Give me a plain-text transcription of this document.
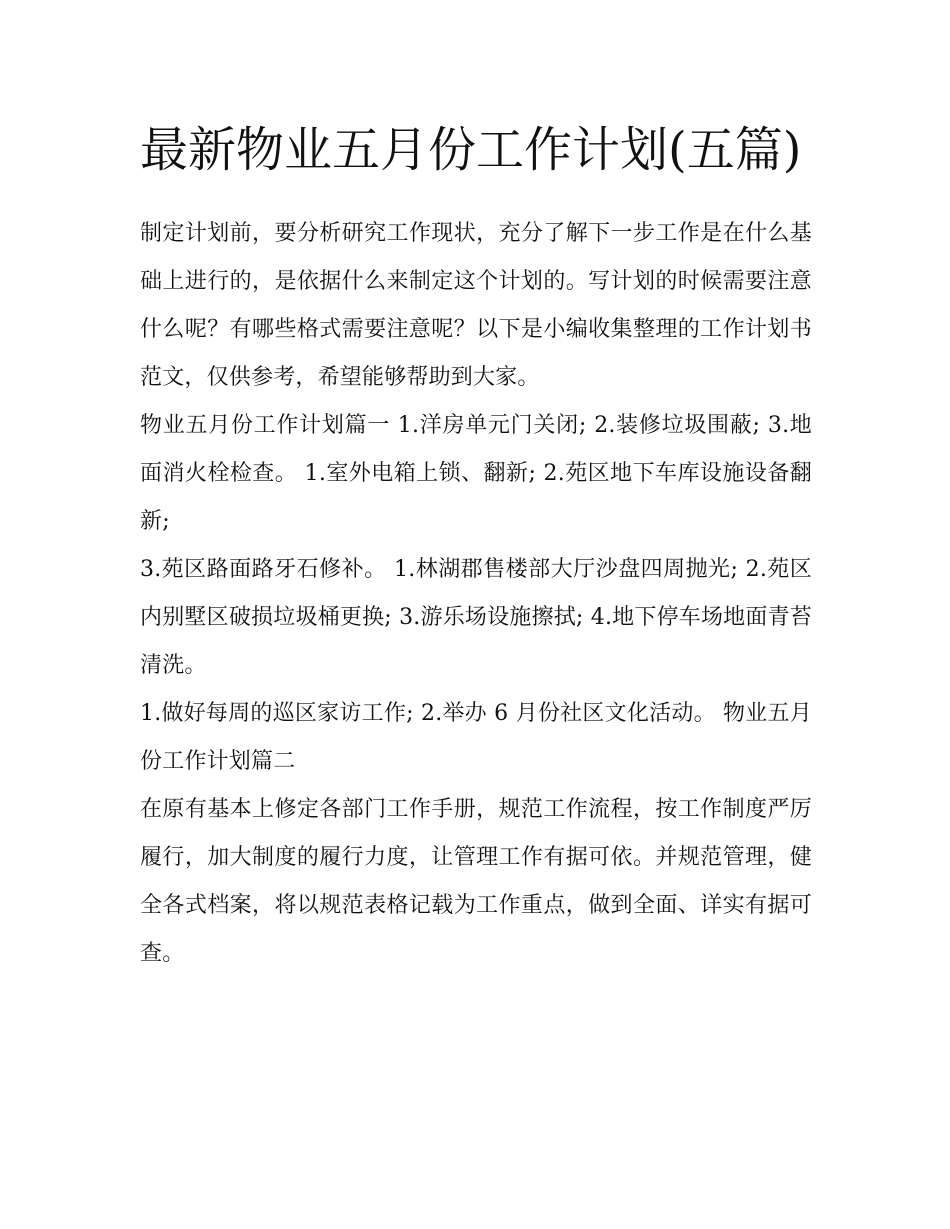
最新物业五月份工作计划(五篇)

制定计划前，要分析研究工作现状，充分了解下一步工作是在什么基础上进行的，是依据什么来制定这个计划的。写计划的时候需要注意什么呢？有哪些格式需要注意呢？以下是小编收集整理的工作计划书范文，仅供参考，希望能够帮助到大家。

物业五月份工作计划篇一 1.洋房单元门关闭; 2.装修垃圾围蔽; 3.地面消火栓检查。 1.室外电箱上锁、翻新; 2.苑区地下车库设施设备翻新;

3.苑区路面路牙石修补。 1.林湖郡售楼部大厅沙盘四周抛光; 2.苑区内别墅区破损垃圾桶更换; 3.游乐场设施擦拭; 4.地下停车场地面青苔清洗。

1.做好每周的巡区家访工作; 2.举办 6 月份社区文化活动。 物业五月份工作计划篇二

在原有基本上修定各部门工作手册，规范工作流程，按工作制度严厉履行，加大制度的履行力度，让管理工作有据可依。并规范管理，健全各式档案，将以规范表格记载为工作重点，做到全面、详实有据可查。
